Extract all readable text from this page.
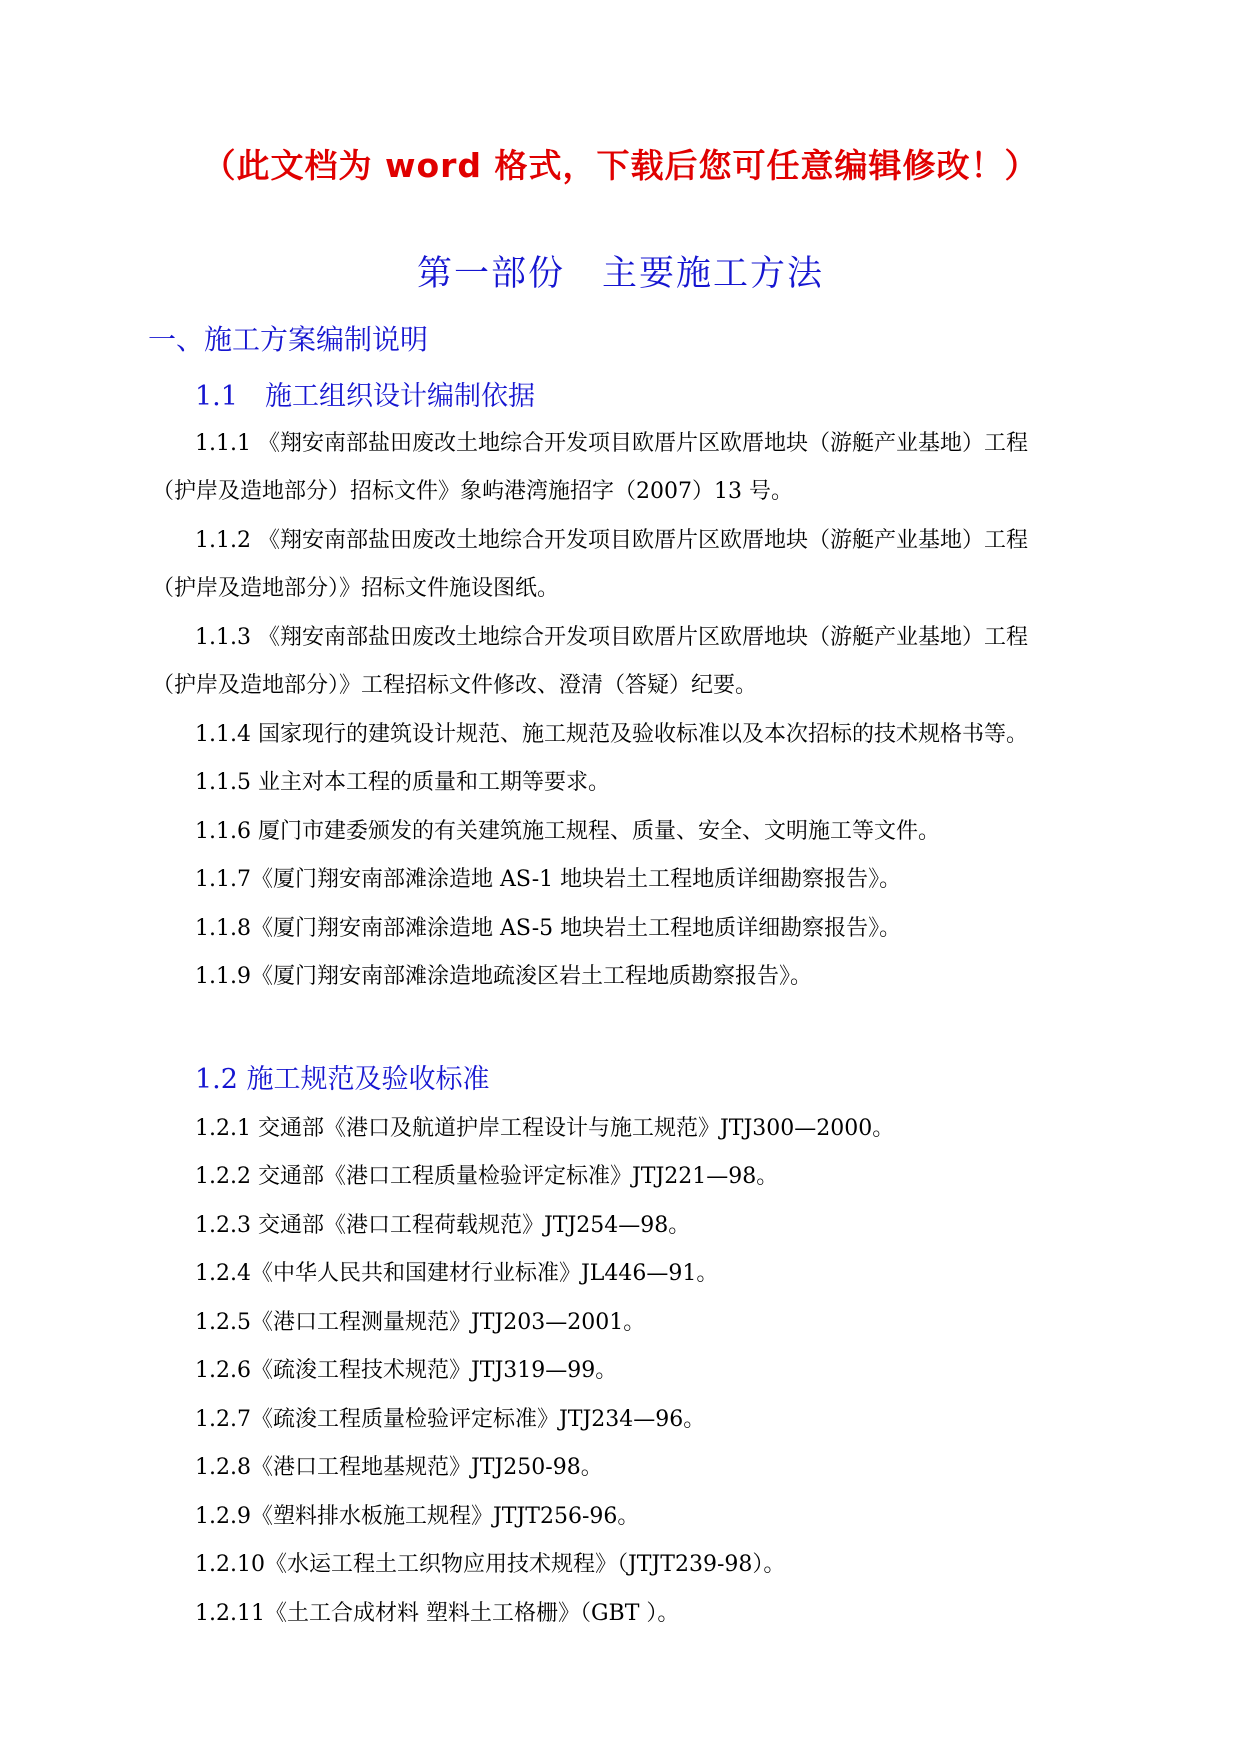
（此文档为 word 格式，下载后您可任意编辑修改！）
第一部份　主要施工方法
一、施工方案编制说明
1.1　施工组织设计编制依据
1.1.1 《翔安南部盐田废改土地综合开发项目欧厝片区欧厝地块（游艇产业基地）工程
（护岸及造地部分）招标文件》象屿港湾施招字（2007）13 号。
1.1.2 《翔安南部盐田废改土地综合开发项目欧厝片区欧厝地块（游艇产业基地）工程
（护岸及造地部分）》招标文件施设图纸。
1.1.3 《翔安南部盐田废改土地综合开发项目欧厝片区欧厝地块（游艇产业基地）工程
（护岸及造地部分）》工程招标文件修改、澄清（答疑）纪要。
1.1.4 国家现行的建筑设计规范、施工规范及验收标准以及本次招标的技术规格书等。
1.1.5 业主对本工程的质量和工期等要求。
1.1.6 厦门市建委颁发的有关建筑施工规程、质量、安全、文明施工等文件。
1.1.7《厦门翔安南部滩涂造地 AS-1 地块岩土工程地质详细勘察报告》。
1.1.8《厦门翔安南部滩涂造地 AS-5 地块岩土工程地质详细勘察报告》。
1.1.9《厦门翔安南部滩涂造地疏浚区岩土工程地质勘察报告》。
1.2 施工规范及验收标准
1.2.1 交通部《港口及航道护岸工程设计与施工规范》JTJ300—2000。
1.2.2 交通部《港口工程质量检验评定标准》JTJ221—98。
1.2.3 交通部《港口工程荷载规范》JTJ254—98。
1.2.4《中华人民共和国建材行业标准》JL446—91。
1.2.5《港口工程测量规范》JTJ203—2001。
1.2.6《疏浚工程技术规范》JTJ319—99。
1.2.7《疏浚工程质量检验评定标准》JTJ234—96。
1.2.8《港口工程地基规范》JTJ250-98。
1.2.9《塑料排水板施工规程》JTJT256-96。
1.2.10《水运工程土工织物应用技术规程》（JTJT239-98）。
1.2.11《土工合成材料 塑料土工格栅》（GBT ）。
